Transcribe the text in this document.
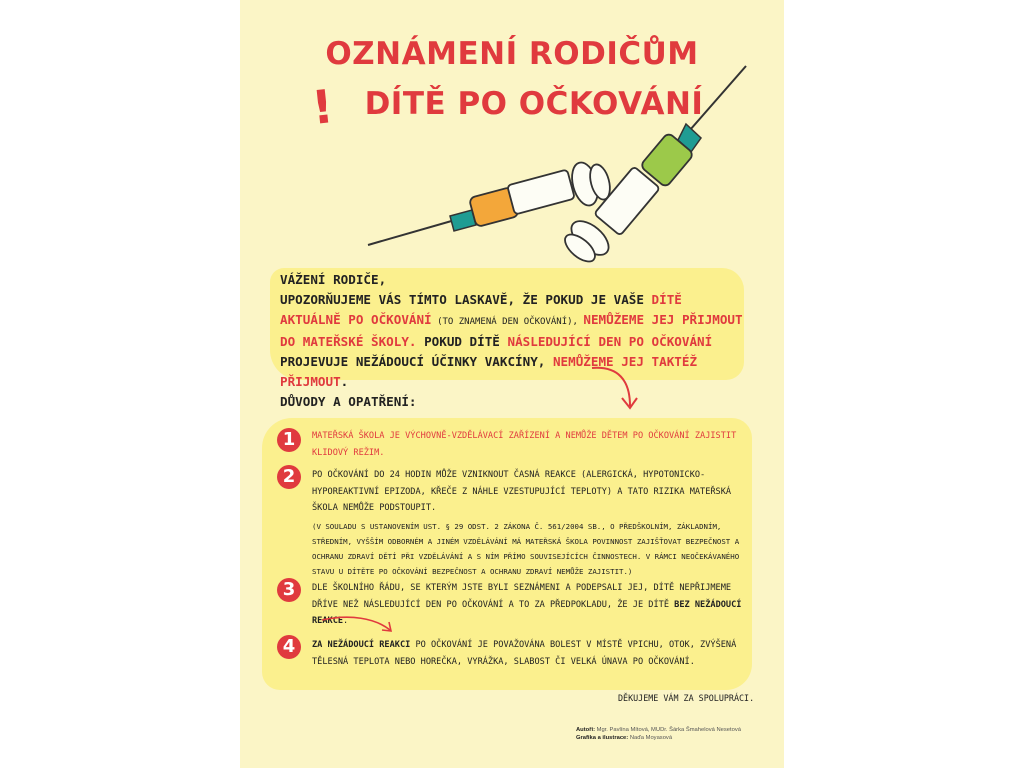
OZNÁMENÍ RODIČŮM
! DÍTĚ PO OČKOVÁNÍ
VÁŽENÍ RODIČE,
UPOZORŇUJEME VÁS TÍMTO LASKAVĚ, ŽE POKUD JE VAŠE DÍTĚ AKTUÁLNĚ PO OČKOVÁNÍ (TO ZNAMENÁ DEN OČKOVÁNÍ), NEMŮŽEME JEJ PŘIJMOUT DO MATEŘSKÉ ŠKOLY. POKUD DÍTĚ NÁSLEDUJÍCÍ DEN PO OČKOVÁNÍ PROJEVUJE NEŽÁDOUCÍ ÚČINKY VAKCÍNY, NEMŮŽEME JEJ TAKTÉŽ PŘIJMOUT.
DŮVODY A OPATŘENÍ:
1	MATEŘSKÁ ŠKOLA JE VÝCHOVNĚ-VZDĚLÁVACÍ ZAŘÍZENÍ A NEMŮŽE DĚTEM PO OČKOVÁNÍ ZAJISTIT KLIDOVÝ REŽIM.
2	PO OČKOVÁNÍ DO 24 HODIN MŮŽE VZNIKNOUT ČASNÁ REAKCE (ALERGICKÁ, HYPOTONICKO-HYPOREAKTIVNÍ EPIZODA, KŘEČE Z NÁHLE VZESTUPUJÍCÍ TEPLOTY) A TATO RIZIKA MATEŘSKÁ ŠKOLA NEMŮŽE PODSTOUPIT.
(V SOULADU S USTANOVENÍM UST. § 29 ODST. 2 ZÁKONA Č. 561/2004 SB., O PŘEDŠKOLNÍM, ZÁKLADNÍM, STŘEDNÍM, VYŠŠÍM ODBORNÉM A JINÉM VZDĚLÁVÁNÍ MÁ MATEŘSKÁ ŠKOLA POVINNOST ZAJIŠŤOVAT BEZPEČNOST A OCHRANU ZDRAVÍ DĚTÍ PŘI VZDĚLÁVÁNÍ A S NÍM PŘÍMO SOUVISEJÍCÍCH ČINNOSTECH. V RÁMCI NEOČEKÁVANÉHO STAVU U DÍTĚTE PO OČKOVÁNÍ BEZPEČNOST A OCHRANU ZDRAVÍ NEMŮŽE ZAJISTIT.)
3	DLE ŠKOLNÍHO ŘÁDU, SE KTERÝM JSTE BYLI SEZNÁMENI A PODEPSALI JEJ, DÍTĚ NEPŘIJMEME DŘÍVE NEŽ NÁSLEDUJÍCÍ DEN PO OČKOVÁNÍ A TO ZA PŘEDPOKLADU, ŽE JE DÍTĚ BEZ NEŽÁDOUCÍ REAKCE.
4	ZA NEŽÁDOUCÍ REAKCI PO OČKOVÁNÍ JE POVAŽOVÁNA BOLEST V MÍSTĚ VPICHU, OTOK, ZVÝŠENÁ TĚLESNÁ TEPLOTA NEBO HOREČKA, VYRÁŽKA, SLABOST ČI VELKÁ ÚNAVA PO OČKOVÁNÍ.
DĚKUJEME VÁM ZA SPOLUPRÁCI.
Autoři: Mgr. Pavlína Mítová, MUDr. Šárka Šmahelová Nesetová
Grafika a ilustrace: Naďa Moyasová
